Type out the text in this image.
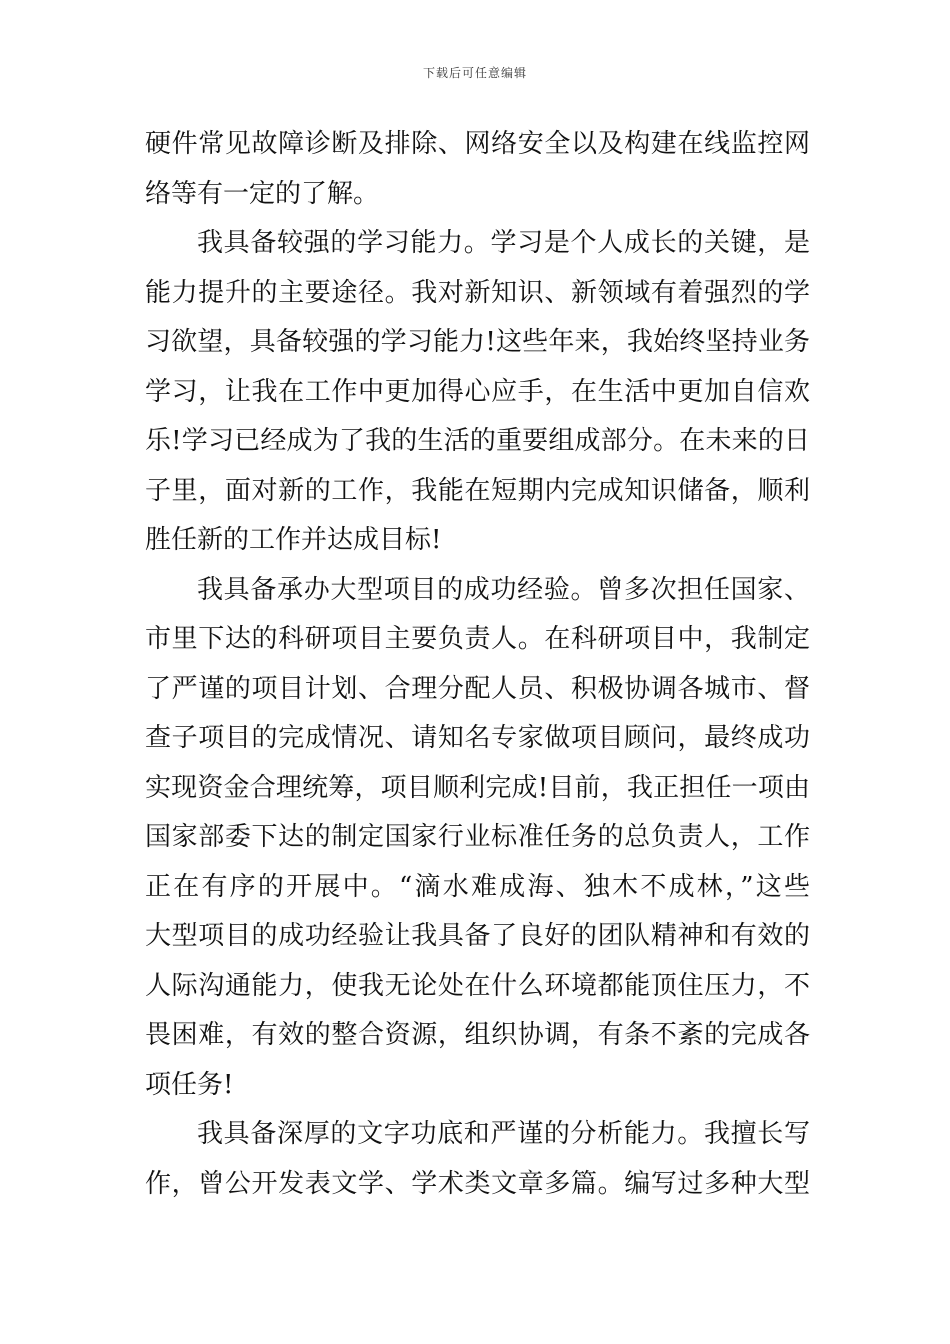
下载后可任意编辑
硬件常见故障诊断及排除、网络安全以及构建在线监控网
络等有一定的了解。
我具备较强的学习能力。学习是个人成长的关键，是
能力提升的主要途径。我对新知识、新领域有着强烈的学
习欲望，具备较强的学习能力!这些年来，我始终坚持业务
学习，让我在工作中更加得心应手，在生活中更加自信欢
乐!学习已经成为了我的生活的重要组成部分。在未来的日
子里，面对新的工作，我能在短期内完成知识储备，顺利
胜任新的工作并达成目标!
我具备承办大型项目的成功经验。曾多次担任国家、
市里下达的科研项目主要负责人。在科研项目中，我制定
了严谨的项目计划、合理分配人员、积极协调各城市、督
查子项目的完成情况、请知名专家做项目顾问，最终成功
实现资金合理统筹，项目顺利完成!目前，我正担任一项由
国家部委下达的制定国家行业标准任务的总负责人，工作
正在有序的开展中。“滴水难成海、独木不成林，”这些
大型项目的成功经验让我具备了良好的团队精神和有效的
人际沟通能力，使我无论处在什么环境都能顶住压力，不
畏困难，有效的整合资源，组织协调，有条不紊的完成各
项任务!
我具备深厚的文字功底和严谨的分析能力。我擅长写
作，曾公开发表文学、学术类文章多篇。编写过多种大型
